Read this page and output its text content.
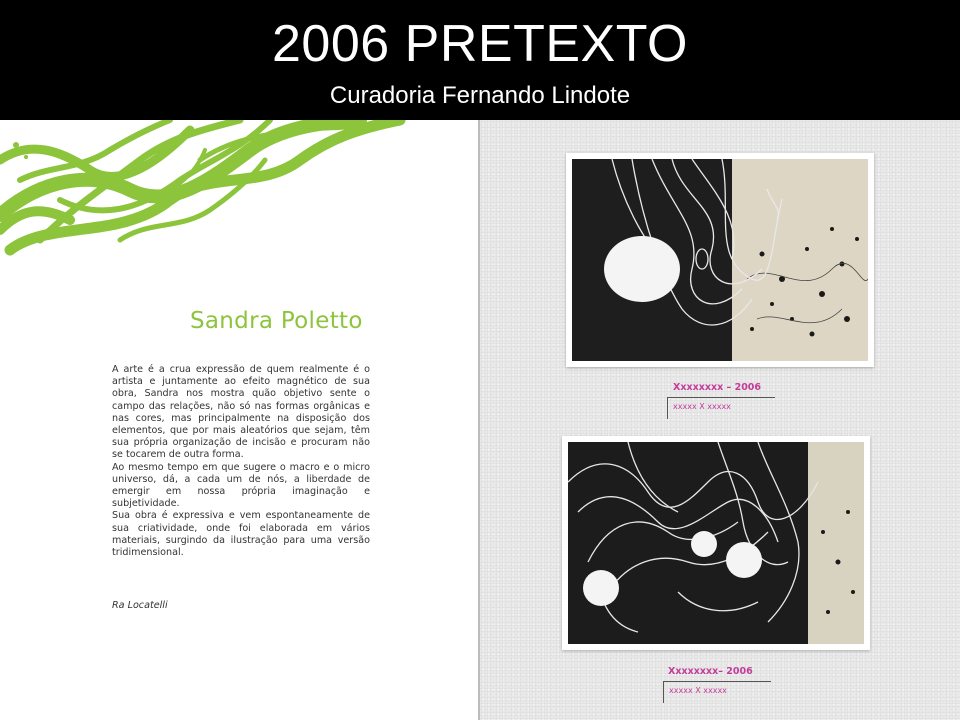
2006 PRETEXTO
Curadoria Fernando Lindote
Sandra Poletto

A arte é a crua expressão de quem realmente é o artista e juntamente ao efeito magnético de sua obra, Sandra nos mostra quão objetivo sente o campo das relações, não só nas formas orgânicas e nas cores, mas principalmente na disposição dos elementos, que por mais aleatórios que sejam, têm sua própria organização de incisão e procuram não se tocarem de outra forma.

Ao mesmo tempo em que sugere o macro e o micro universo, dá, a cada um de nós, a liberdade de emergir em nossa própria imaginação e subjetividade.

Sua obra é expressiva e vem espontaneamente de sua criatividade, onde foi elaborada em vários materiais, surgindo da ilustração para uma versão tridimensional.

Ra Locatelli
Xxxxxxxx – 2006
xxxxx X xxxxx
Xxxxxxxx– 2006
xxxxx X xxxxx
